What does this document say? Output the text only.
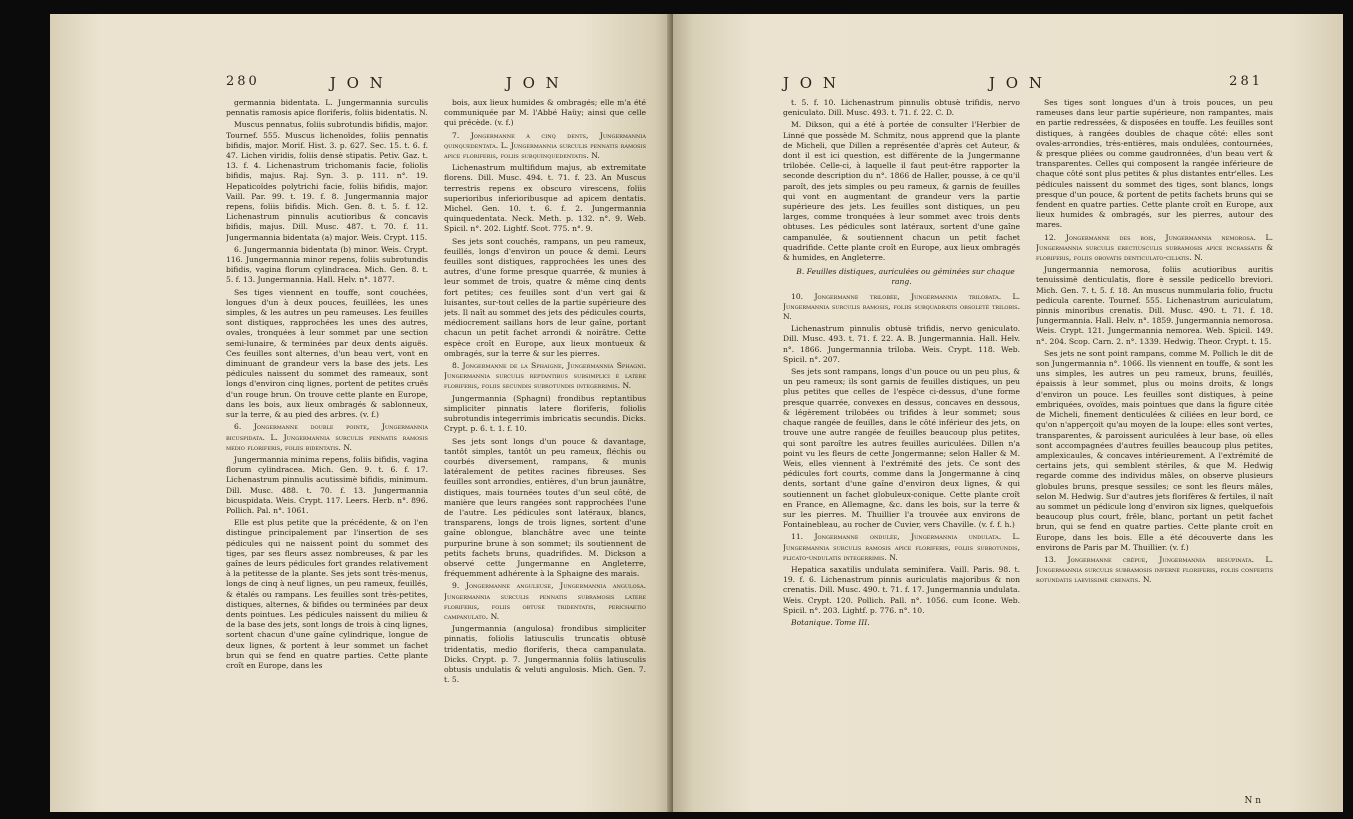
280	J O N	J O N

germannia bidentata. L. Jungermannia surculis pennatis ramosis apice floriferis, foliis bidentatis. N.

Muscus pennatus, foliis subrotundis bifidis, major. Tournef. 555. Muscus lichenoïdes, foliis pennatis bifidis, major. Morif. Hist. 3. p. 627. Sec. 15. t. 6. f. 47. Lichen viridis, foliis densè stipatis. Petiv. Gaz. t. 13. f. 4. Lichenastrum trichomanis facie, foliolis bifidis, majus. Raj. Syn. 3. p. 111. n°. 19. Hepaticoïdes polytrichi facie, foliis bifidis, major. Vaill. Par. 99. t. 19. f. 8. Jungermannia major repens, foliis bifidis. Mich. Gen. 8. t. 5. f. 12. Lichenastrum pinnulis acutioribus & concavis bifidis, majus. Dill. Musc. 487. t. 70. f. 11. Jungermannia bidentata (a) major. Weis. Crypt. 115.

6. Jungermannia bidentata (b) minor. Weis. Crypt. 116. Jungermannia minor repens, foliis subrotundis bifidis, vagina florum cylindracea. Mich. Gen. 8. t. 5. f. 13. Jungermannia. Hall. Helv. n°. 1877.

Ses tiges viennent en touffe, sont couchées, longues d'un à deux pouces, feuillées, les unes simples, & les autres un peu rameuses. Les feuilles sont distiques, rapprochées les unes des autres, ovales, tronquées à leur sommet par une section semi-lunaire, & terminées par deux dents aiguës. Ces feuilles sont alternes, d'un beau vert, vont en diminuant de grandeur vers la base des jets. Les pédicules naissent du sommet des rameaux, sont longs d'environ cinq lignes, portent de petites cruës d'un rouge brun. On trouve cette plante en Europe, dans les bois, aux lieux ombragés & sablonneux, sur la terre, & au pied des arbres. (v. f.)

6. Jongermanne double pointe, Jungermannia bicuspidata. L. Jungermannia surculis pennatis ramosis medio floriferis, foliis bidentatis. N.

Jungermannia minima repens, foliis bifidis, vagina florum cylindracea. Mich. Gen. 9. t. 6. f. 17. Lichenastrum pinnulis acutissimè bifidis, minimum. Dill. Musc. 488. t. 70. f. 13. Jungermannia bicuspidata. Weis. Crypt. 117. Leers. Herb. n°. 896. Pollich. Pal. n°. 1061.

Elle est plus petite que la précédente, & on l'en distingue principalement par l'insertion de ses pédicules qui ne naissent point du sommet des tiges, par ses fleurs assez nombreuses, & par les gaînes de leurs pédicules fort grandes relativement à la petitesse de la plante. Ses jets sont très-menus, longs de cinq à neuf lignes, un peu rameux, feuillés, & étalés ou rampans. Les feuilles sont très-petites, distiques, alternes, & bifides ou terminées par deux dents pointues. Les pédicules naissent du milieu & de la base des jets, sont longs de trois à cinq lignes, sortent chacun d'une gaîne cylindrique, longue de deux lignes, & portent à leur sommet un fachet brun qui se fend en quatre parties. Cette plante croît en Europe, dans les

bois, aux lieux humides & ombragés; elle m'a été communiquée par M. l'Abbé Haüy; ainsi que celle qui précède. (v. f.)

7. Jongermanne à cinq dents, Jungermannia quinquedentata. L. Jungermannia surculis pennatis ramosis apice floriferis, foliis subquinquedentatis. N.

Lichenastrum multifidum majus, ab extremitate florens. Dill. Musc. 494. t. 71. f. 23. An Muscus terrestris repens ex obscuro virescens, foliis superioribus inferioribusque ad apicem dentatis. Michel. Gen. 10. t. 6. f. 2. Jungermannia quinquedentata. Neck. Meth. p. 132. n°. 9. Web. Spicil. n°. 202. Lightf. Scot. 775. n°. 9.

Ses jets sont couchés, rampans, un peu rameux, feuillés, longs d'environ un pouce & demi. Leurs feuilles sont distiques, rapprochées les unes des autres, d'une forme presque quarrée, & munies à leur sommet de trois, quatre & même cinq dents fort petites; ces feuilles sont d'un vert gai & luisantes, sur-tout celles de la partie supérieure des jets. Il naît au sommet des jets des pédicules courts, médiocrement saillans hors de leur gaîne, portant chacun un petit fachet arrondi & noirâtre. Cette espèce croît en Europe, aux lieux montueux & ombragés, sur la terre & sur les pierres.

8. Jongermanne de la Sphaigne, Jungermannia Sphagni. Jungermannia surculis reptantibus subsimplici è latere floriferis, foliis secundis subrotundis integerrimis. N.

Jungermannia (Sphagni) frondibus reptantibus simpliciter pinnatis latere floriferis, foliolis subrotundis integerrimis imbricatis secundis. Dicks. Crypt. p. 6. t. 1. f. 10.

Ses jets sont longs d'un pouce & davantage, tantôt simples, tantôt un peu rameux, fléchis ou courbés diversement, rampans, & munis latéralement de petites racines fibreuses. Ses feuilles sont arrondies, entières, d'un brun jaunâtre, distiques, mais tournées toutes d'un seul côté, de manière que leurs rangées sont rapprochées l'une de l'autre. Les pédicules sont latéraux, blancs, transparens, longs de trois lignes, sortent d'une gaîne oblongue, blanchâtre avec une teinte purpurine brune à son sommet; ils soutiennent de petits fachets bruns, quadrifides. M. Dickson a observé cette Jungermanne en Angleterre, fréquemment adhérente à la Sphaigne des marais.

9. Jongermanne anguleuse, Jungermannia angulosa. Jungermannia surculis pennatis subramosis latere floriferis, foliis obtusè tridentatis, perichaetio campanulato. N.

Jungermannia (angulosa) frondibus simpliciter pinnatis, foliolis latiusculis truncatis obtusè tridentatis, medio floriferis, theca campanulata. Dicks. Crypt. p. 7. Jungermannia foliis latiusculis obtusis undulatis & veluti angulosis. Mich. Gen. 7. t. 5.

J O N	J O N	281

t. 5. f. 10. Lichenastrum pinnulis obtusè trifidis, nervo geniculato. Dill. Musc. 493. t. 71. f. 22. C. D.

M. Dikson, qui a été à portée de consulter l'Herbier de Linné que possède M. Schmitz, nous apprend que la plante de Micheli, que Dillen a représentée d'après cet Auteur, & dont il est ici question, est différente de la Jungermanne trilobée. Celle-ci, à laquelle il faut peut-être rapporter la seconde description du n°. 1866 de Haller, pousse, à ce qu'il paroît, des jets simples ou peu rameux, & garnis de feuilles qui vont en augmentant de grandeur vers la partie supérieure des jets. Les feuilles sont distiques, un peu larges, comme tronquées à leur sommet avec trois dents obtuses. Les pédicules sont latéraux, sortent d'une gaîne campanulée, & soutiennent chacun un petit fachet quadrifide. Cette plante croît en Europe, aux lieux ombragés & humides, en Angleterre.

B. Feuilles distiques, auriculées ou géminées sur chaque rang.

10. Jongermanne trilobée, Jungermannia trilobata. L. Jungermannia surculis ramosis, foliis subquadratis obsoletè trilobis. N.

Lichenastrum pinnulis obtusè trifidis, nervo geniculato. Dill. Musc. 493. t. 71. f. 22. A. B. Jungermannia. Hall. Helv. n°. 1866. Jungermannia triloba. Weis. Crypt. 118. Web. Spicil. n°. 207.

Ses jets sont rampans, longs d'un pouce ou un peu plus, & un peu rameux; ils sont garnis de feuilles distiques, un peu plus petites que celles de l'espèce ci-dessus, d'une forme presque quarrée, convexes en dessus, concaves en dessous, & légèrement trilobées ou trifides à leur sommet; sous chaque rangée de feuilles, dans le côté inférieur des jets, on trouve une autre rangée de feuilles beaucoup plus petites, qui sont paroître les autres feuilles auriculées. Dillen n'a point vu les fleurs de cette Jongermanne; selon Haller & M. Weis, elles viennent à l'extrémité des jets. Ce sont des pédicules fort courts, comme dans la Jongermanne à cinq dents, sortant d'une gaîne d'environ deux lignes, & qui soutiennent un fachet globuleux-conique. Cette plante croît en France, en Allemagne, &c. dans les bois, sur la terre & sur les pierres. M. Thuillier l'a trouvée aux environs de Fontainebleau, au rocher de Cuvier, vers Chaville. (v. f. f. h.)

11. Jongermanne ondulée, Jungermannia undulata. L. Jungermannia surculis ramosis apice floriferis, foliis subrotundis, plicato-undulatis integerrimis. N.

Hepatica saxatilis undulata seminifera. Vaill. Paris. 98. t. 19. f. 6. Lichenastrum pinnis auriculatis majoribus & non crenatis. Dill. Musc. 490. t. 71. f. 17. Jungermannia undulata. Weis. Crypt. 120. Pollich. Pall. n°. 1056. cum Icone. Web. Spicil. n°. 203. Lightf. p. 776. n°. 10.

Botanique. Tome III.

Ses tiges sont longues d'un à trois pouces, un peu rameuses dans leur partie supérieure, non rampantes, mais en partie redressées, & disposées en touffe. Les feuilles sont distiques, à rangées doubles de chaque côté: elles sont ovales-arrondies, très-entières, mais ondulées, contournées, & presque pliées ou comme gaudronnées, d'un beau vert & transparentes. Celles qui composent la rangée inférieure de chaque côté sont plus petites & plus distantes entr'elles. Les pédicules naissent du sommet des tiges, sont blancs, longs presque d'un pouce, & portent de petits fachets bruns qui se fendent en quatre parties. Cette plante croît en Europe, aux lieux humides & ombragés, sur les pierres, autour des mares.

12. Jongermanne des bois, Jungermannia nemorosa. L. Jungermannia surculis erectiusculis subramosis apice incrassatis & floriferis, foliis obovatis denticulato-ciliatis. N.

Jungermannia nemorosa, foliis acutioribus auritis tenuissimè denticulatis, flore è sessile pedicello breviori. Mich. Gen. 7. t. 5. f. 18. An muscus nummularia folio, fructu pedicula carente. Tournef. 555. Lichenastrum auriculatum, pinnis minoribus crenatis. Dill. Musc. 490. t. 71. f. 18. Jungermannia. Hall. Helv. n°. 1859. Jungermannia nemorosa. Weis. Crypt. 121. Jungermannia nemorea. Web. Spicil. 149. n°. 204. Scop. Carn. 2. n°. 1339. Hedwig. Theor. Crypt. t. 15.

Ses jets ne sont point rampans, comme M. Pollich le dit de son Jungermannia n°. 1066. Ils viennent en touffe, & sont les uns simples, les autres un peu rameux, bruns, feuillés, épaissis à leur sommet, plus ou moins droits, & longs d'environ un pouce. Les feuilles sont distiques, à peine embriquées, ovoïdes, mais pointues que dans la figure citée de Micheli, finement denticulées & ciliées en leur bord, ce qu'on n'apperçoit qu'au moyen de la loupe: elles sont vertes, transparentes, & paroissent auriculées à leur base, où elles sont accompagnées d'autres feuilles beaucoup plus petites, amplexicaules, & concaves intérieurement. A l'extrémité de certains jets, qui semblent stériles, & que M. Hedwig regarde comme des individus mâles, on observe plusieurs globules bruns, presque sessiles; ce sont les fleurs mâles, selon M. Hedwig. Sur d'autres jets florifères & fertiles, il naît au sommet un pédicule long d'environ six lignes, quelquefois beaucoup plus court, frêle, blanc, portant un petit fachet brun, qui se fend en quatre parties. Cette plante croît en Europe, dans les bois. Elle a été découverte dans les environs de Paris par M. Thuillier. (v. f.)

13. Jongermanne crêpue, Jungermannia resupinata. L. Jungermannia surculis subramosis infernè floriferis, foliis confertis rotundatis laevissimè crenatis. N.

N n
